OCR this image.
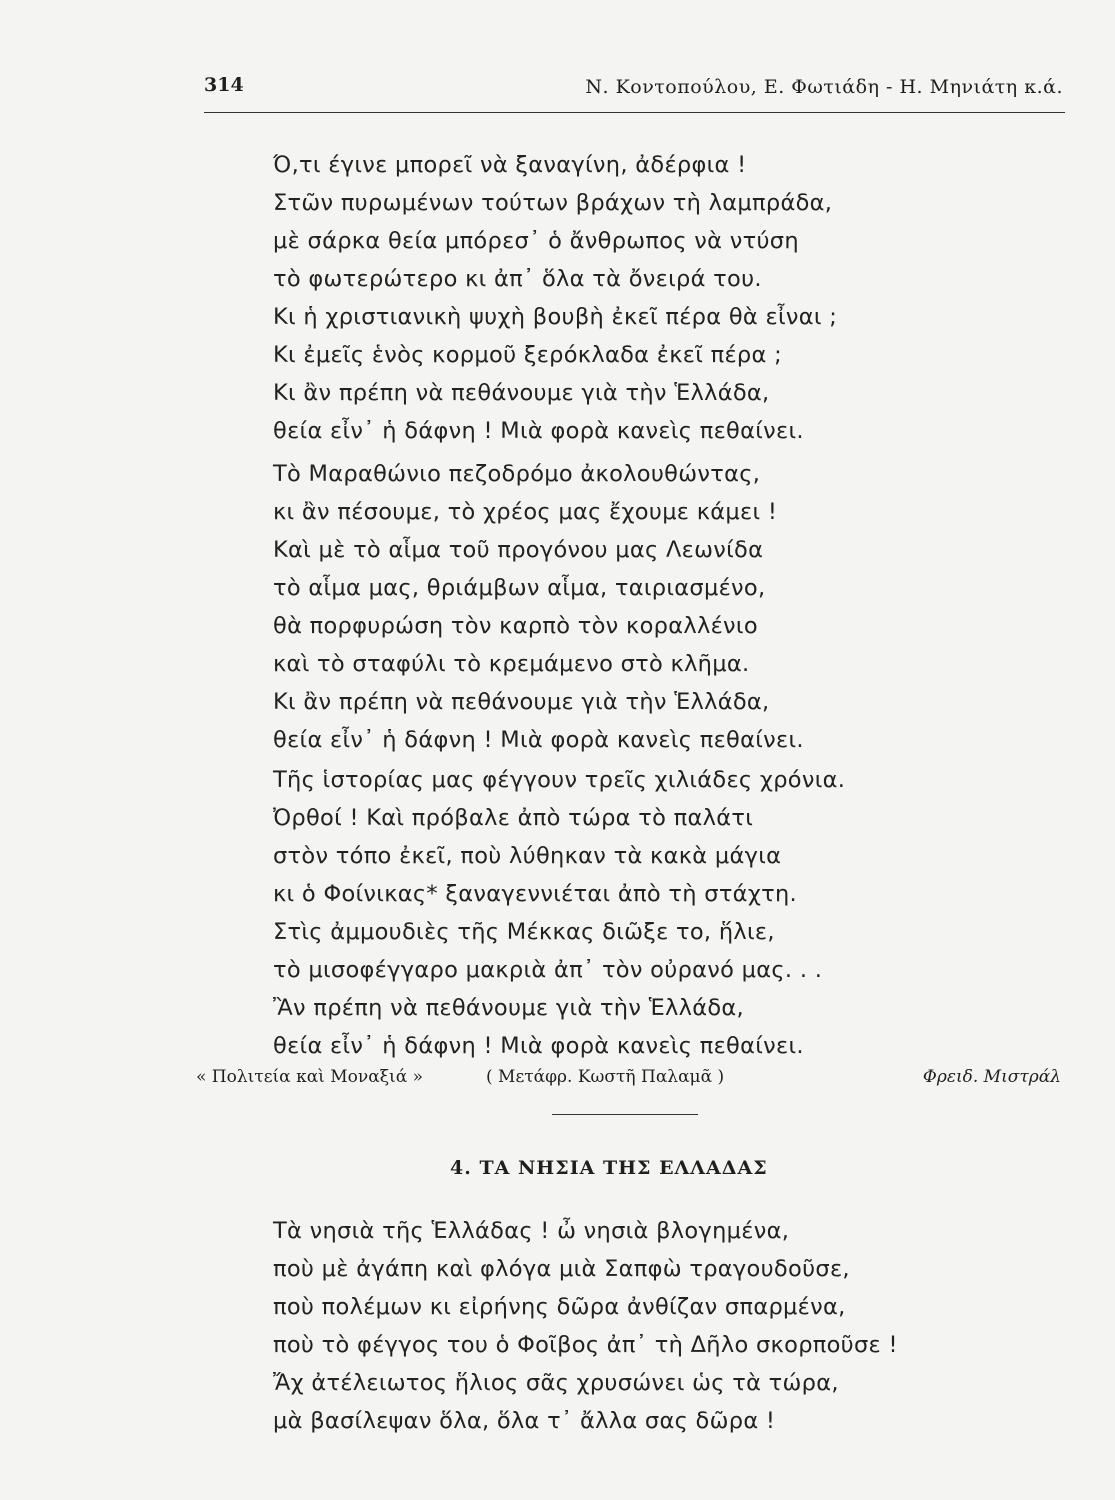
314	Ν. Κοντοπούλου, Ε. Φωτιάδη - Η. Μηνιάτη κ.ά.
Ό,τι έγινε μπορεῖ νὰ ξαναγίνη, ἀδέρφια !
Στῶν πυρωμένων τούτων βράχων τὴ λαμπράδα,
μὲ σάρκα θεία μπόρεσ᾿ ὁ ἄνθρωπος νὰ ντύση
τὸ φωτερώτερο κι ἀπ᾿ ὅλα τὰ ὄνειρά του.
Κι ἡ χριστιανικὴ ψυχὴ βουβὴ ἐκεῖ πέρα θὰ εἶναι ;
Κι ἐμεῖς ἑνὸς κορμοῦ ξερόκλαδα ἐκεῖ πέρα ;
Κι ἂν πρέπη νὰ πεθάνουμε γιὰ τὴν Ἑλλάδα,
θεία εἶν᾿ ἡ δάφνη ! Μιὰ φορὰ κανεὶς πεθαίνει.
Τὸ Μαραθώνιο πεζοδρόμο ἀκολουθώντας,
κι ἂν πέσουμε, τὸ χρέος μας ἔχουμε κάμει !
Καὶ μὲ τὸ αἷμα τοῦ προγόνου μας Λεωνίδα
τὸ αἷμα μας, θριάμβων αἷμα, ταιριασμένο,
θὰ πορφυρώση τὸν καρπὸ τὸν κοραλλένιο
καὶ τὸ σταφύλι τὸ κρεμάμενο στὸ κλῆμα.
Κι ἂν πρέπη νὰ πεθάνουμε γιὰ τὴν Ἑλλάδα,
θεία εἶν᾿ ἡ δάφνη ! Μιὰ φορὰ κανεὶς πεθαίνει.
Τῆς ἱστορίας μας φέγγουν τρεῖς χιλιάδες χρόνια.
Ὀρθοί ! Καὶ πρόβαλε ἀπὸ τώρα τὸ παλάτι
στὸν τόπο ἐκεῖ, ποὺ λύθηκαν τὰ κακὰ μάγια
κι ὁ Φοίνικας* ξαναγεννιέται ἀπὸ τὴ στάχτη.
Στὶς ἀμμουδιὲς τῆς Μέκκας διῶξε το, ἥλιε,
τὸ μισοφέγγαρο μακριὰ ἀπ᾿ τὸν οὐρανό μας. . .
Ἂν πρέπη νὰ πεθάνουμε γιὰ τὴν Ἑλλάδα,
θεία εἶν᾿ ἡ δάφνη ! Μιὰ φορὰ κανεὶς πεθαίνει.
« Πολιτεία καὶ Μοναξιά »	( Μετάφρ. Κωστῆ Παλαμᾶ )	Φρειδ. Μιστράλ
4. ΤΑ ΝΗΣΙΑ ΤΗΣ ΕΛΛΑΔΑΣ
Τὰ νησιὰ τῆς Ἑλλάδας ! ὦ νησιὰ βλογημένα,
ποὺ μὲ ἀγάπη καὶ φλόγα μιὰ Σαπφὼ τραγουδοῦσε,
ποὺ πολέμων κι εἰρήνης δῶρα ἀνθίζαν σπαρμένα,
ποὺ τὸ φέγγος του ὁ Φοῖβος ἀπ᾿ τὴ Δῆλο σκορποῦσε !
Ἄχ ἀτέλειωτος ἥλιος σᾶς χρυσώνει ὡς τὰ τώρα,
μὰ βασίλεψαν ὅλα, ὅλα τ᾿ ἄλλα σας δῶρα !
